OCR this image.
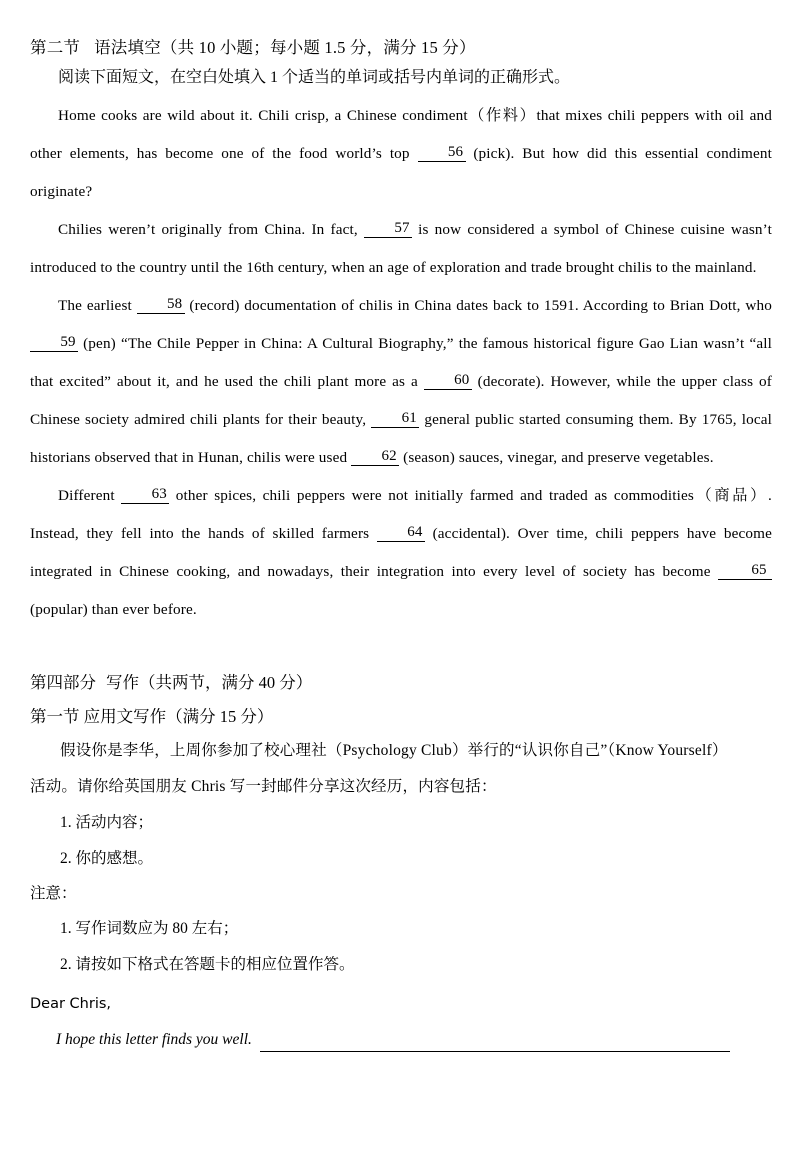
第二节 语法填空（共 10 小题；每小题 1.5 分，满分 15 分）
阅读下面短文，在空白处填入 1 个适当的单词或括号内单词的正确形式。

Home cooks are wild about it. Chili crisp, a Chinese condiment（作料）that mixes chili peppers with oil and other elements, has become one of the food world’s top 56 (pick). But how did this essential condiment originate?

Chilies weren’t originally from China. In fact, 57 is now considered a symbol of Chinese cuisine wasn’t introduced to the country until the 16th century, when an age of exploration and trade brought chilis to the mainland.

The earliest 58 (record) documentation of chilis in China dates back to 1591. According to Brian Dott, who 59 (pen) “The Chile Pepper in China: A Cultural Biography,” the famous historical figure Gao Lian wasn’t “all that excited” about it, and he used the chili plant more as a 60 (decorate). However, while the upper class of Chinese society admired chili plants for their beauty, 61 general public started consuming them. By 1765, local historians observed that in Hunan, chilis were used 62 (season) sauces, vinegar, and preserve vegetables.

Different 63 other spices, chili peppers were not initially farmed and traded as commodities（商品）. Instead, they fell into the hands of skilled farmers 64 (accidental). Over time, chili peppers have become integrated in Chinese cooking, and nowadays, their integration into every level of society has become 65 (popular) than ever before.

第四部分 写作（共两节，满分 40 分）
第一节 应用文写作（满分 15 分）

假设你是李华，上周你参加了校心理社（Psychology Club）举行的“认识你自己”（Know Yourself）

活动。请你给英国朋友 Chris 写一封邮件分享这次经历，内容包括：

1. 活动内容；

2. 你的感想。

注意：

1. 写作词数应为 80 左右；

2. 请按如下格式在答题卡的相应位置作答。

Dear Chris,

I hope this letter finds you well.
